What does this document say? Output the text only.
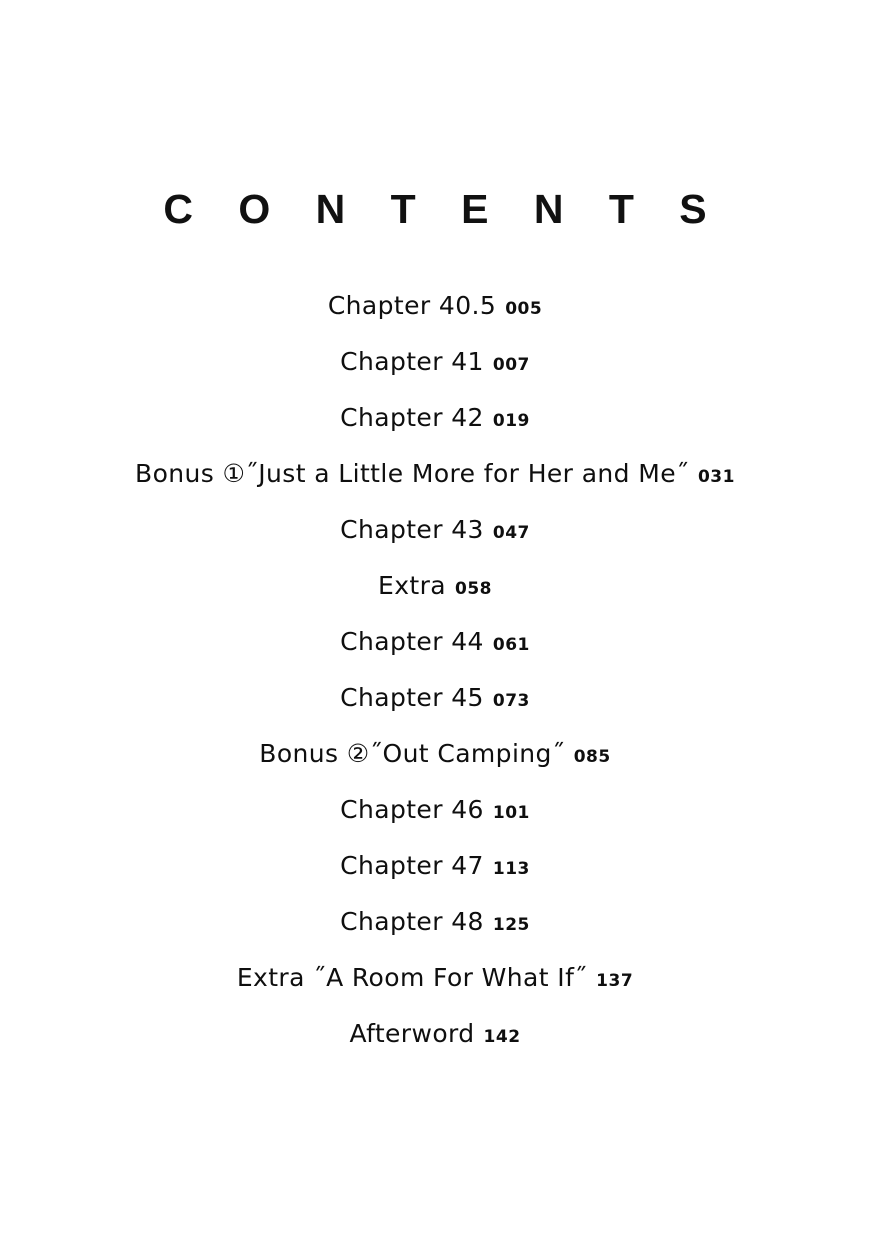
C O N T E N T S
Chapter 40.5 005
Chapter 41 007
Chapter 42 019
Bonus ①˝Just a Little More for Her and Me˝ 031
Chapter 43 047
Extra 058
Chapter 44 061
Chapter 45 073
Bonus ②˝Out Camping˝ 085
Chapter 46 101
Chapter 47 113
Chapter 48 125
Extra ˝A Room For What If˝ 137
Afterword 142
